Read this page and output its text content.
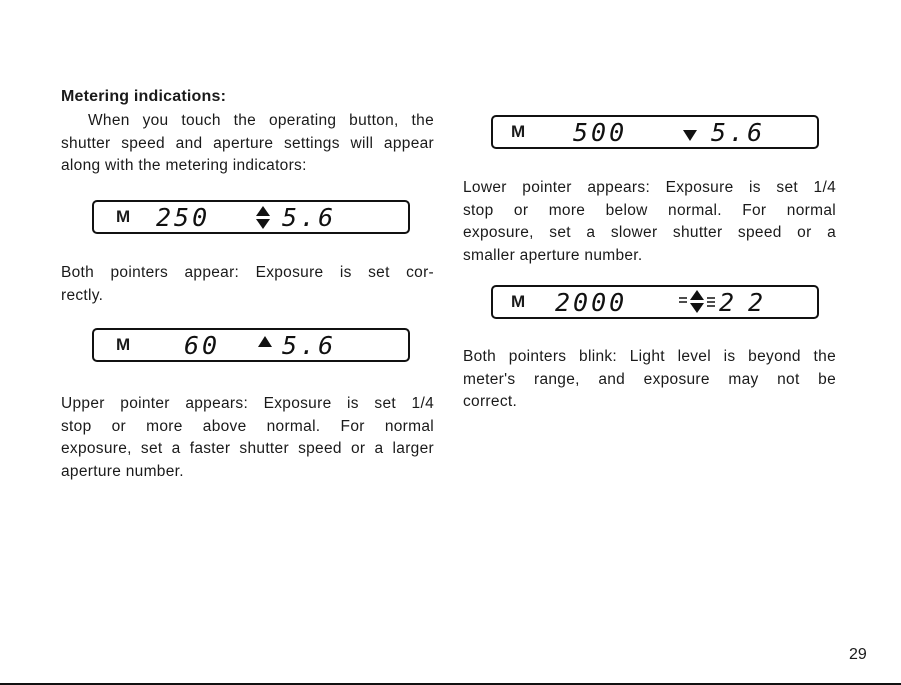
Metering indications:
When you touch the operating button, the
shutter speed and aperture settings will appear
along with the metering indicators:
M 250	5.6
Both pointers appear: Exposure is set cor-
rectly.
M 60 5.6
Upper pointer appears: Exposure is set 1/4
stop or more above normal. For normal
exposure, set a faster shutter speed or a larger
aperture number.
M 500	5.6
Lower pointer appears: Exposure is set 1/4
stop or more below normal. For normal
exposure, set a slower shutter speed or a
smaller aperture number.
M 2000	22
Both pointers blink: Light level is beyond the
meter's range, and exposure may not be
correct.
29
